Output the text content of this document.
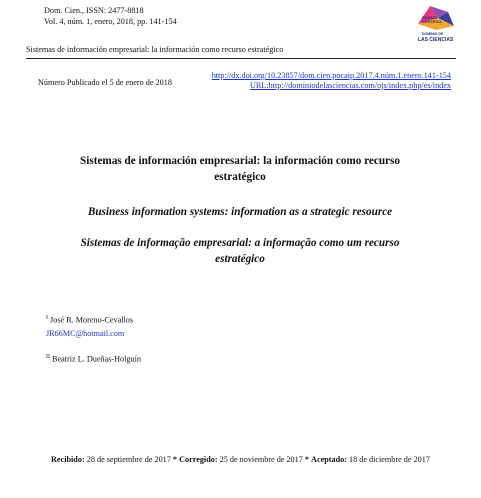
Dom. Cien., ISSN: 2477-8818
Vol. 4, núm. 1, enero, 2018, pp. 141-154	REVISTA
CIENTÍFICA
DOMINIO DE
LAS CIENCIAS
Sistemas de información empresarial: la información como recurso estratégico
Número Publicado el 5 de enero de 2018
http://dx.doi.org/10.23857/dom.cien.pocaip.2017.4.núm.1.enero.141-154
URL:http://dominiodelasciencias.com/ojs/index.php/es/index
Sistemas de información empresarial: la información como recurso
estratégico
Business information systems: information as a strategic resource
Sistemas de informação empresarial: a informação como um recurso
estratégico
$^I$ José R. Moreno-Cevallos
JR66MC@hotmail.com
$^{II}$ Beatriz L. Dueñas-Holguín
Recibido: 28 de septiembre de 2017 * Corregido: 25 de noviembre de 2017 * Aceptado: 18 de diciembre de 2017
